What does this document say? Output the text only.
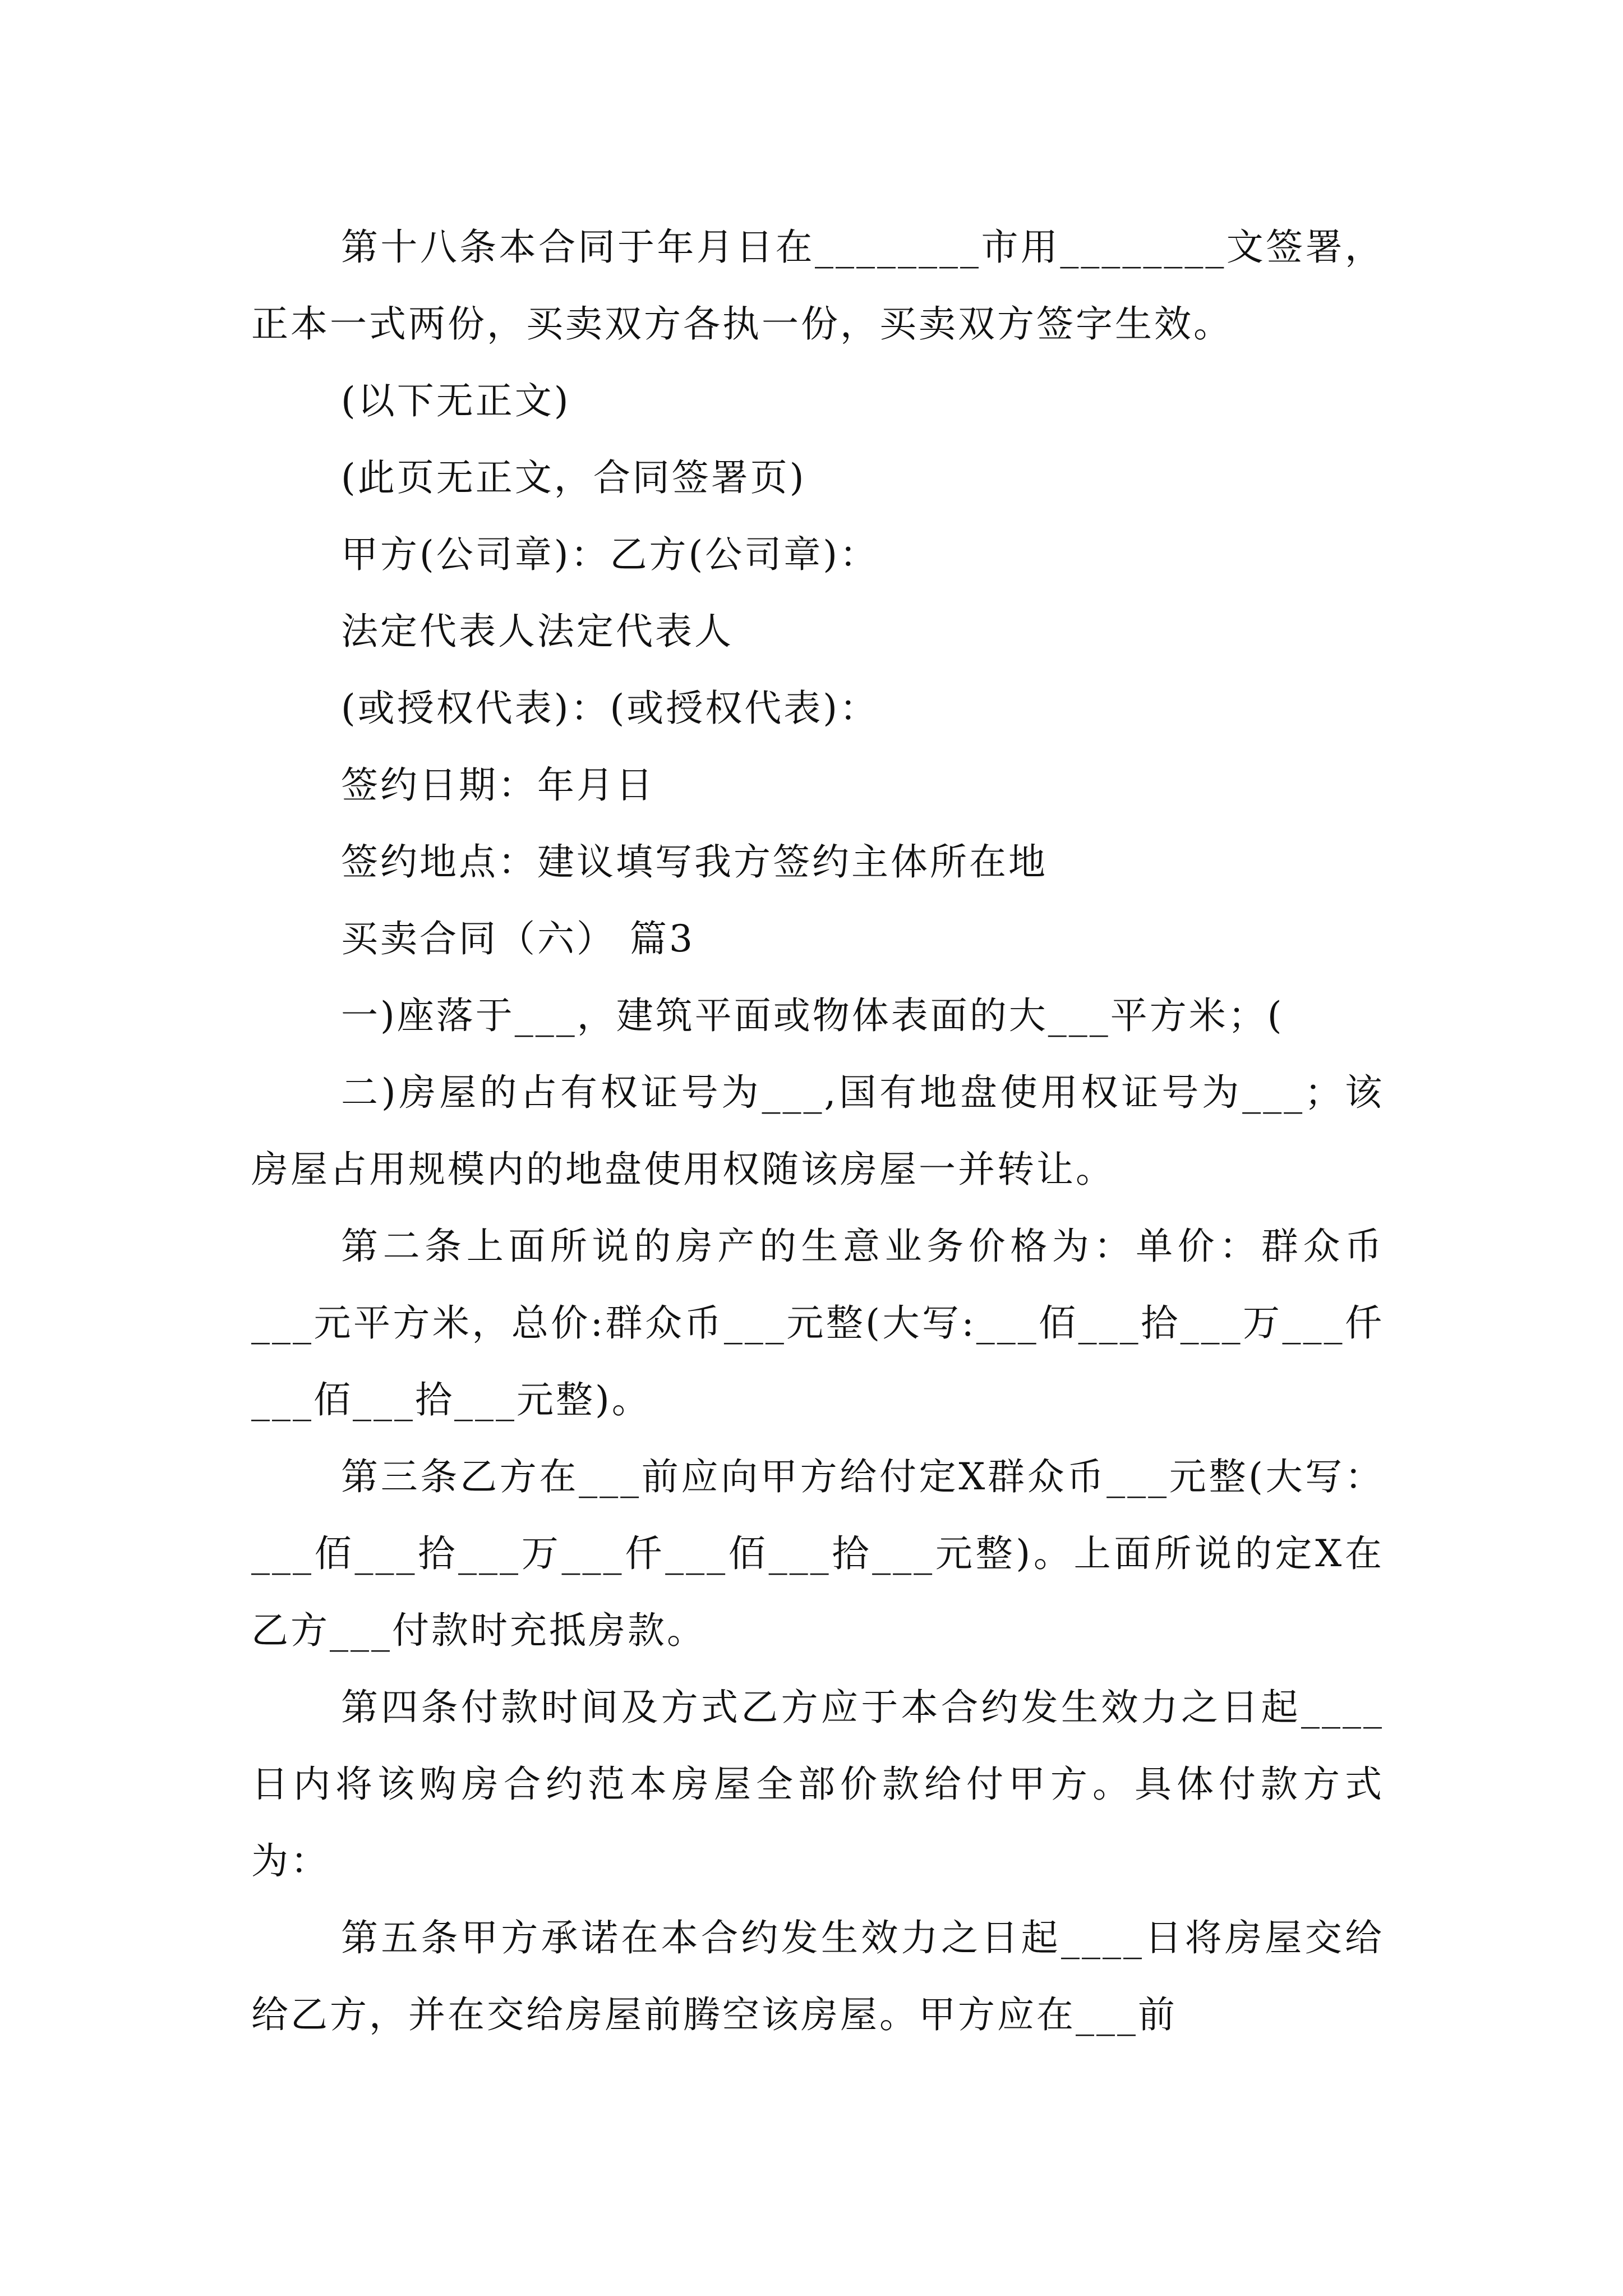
第十八条本合同于年月日在________市用________文签署，正本一式两份，买卖双方各执一份，买卖双方签字生效。

(以下无正文)

(此页无正文，合同签署页)

甲方(公司章)：乙方(公司章)：

法定代表人法定代表人

(或授权代表)：(或授权代表)：

签约日期：年月日

签约地点：建议填写我方签约主体所在地

买卖合同（六） 篇3

一)座落于___，建筑平面或物体表面的大___平方米；(

二)房屋的占有权证号为___,国有地盘使用权证号为___；该房屋占用规模内的地盘使用权随该房屋一并转让。

第二条上面所说的房产的生意业务价格为：单价：群众币___元平方米，总价:群众币___元整(大写:___佰___拾___万___仟___佰___拾___元整)。

第三条乙方在___前应向甲方给付定X群众币___元整(大写：___佰___拾___万___仟___佰___拾___元整)。上面所说的定X在乙方___付款时充抵房款。

第四条付款时间及方式乙方应于本合约发生效力之日起____日内将该购房合约范本房屋全部价款给付甲方。具体付款方式为：

第五条甲方承诺在本合约发生效力之日起____日将房屋交给给乙方，并在交给房屋前腾空该房屋。甲方应在___前
